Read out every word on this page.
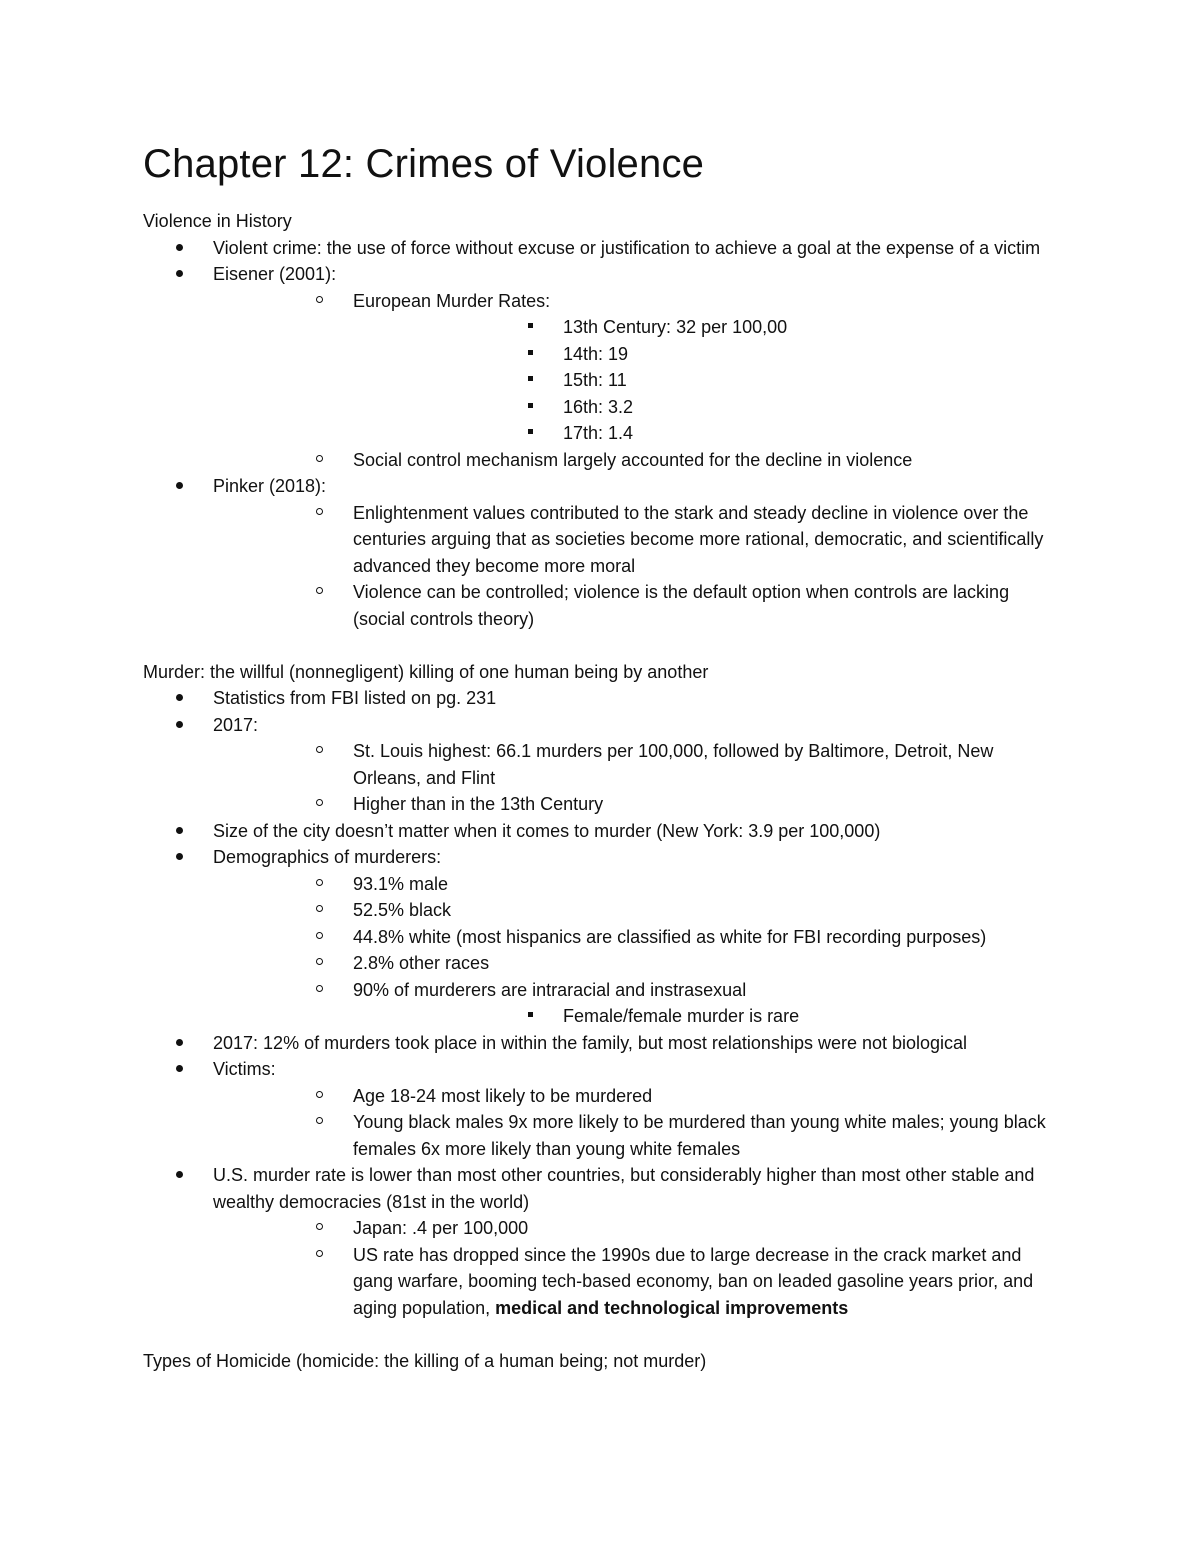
Chapter 12: Crimes of Violence

Violence in History

Violent crime: the use of force without excuse or justification to achieve a goal at the expense of a victim
Eisener (2001):
European Murder Rates:
13th Century: 32 per 100,00
14th: 19
15th: 11
16th: 3.2
17th: 1.4
Social control mechanism largely accounted for the decline in violence
Pinker (2018):
Enlightenment values contributed to the stark and steady decline in violence over the centuries arguing that as societies become more rational, democratic, and scientifically advanced they become more moral
Violence can be controlled; violence is the default option when controls are lacking (social controls theory)

Murder: the willful (nonnegligent) killing of one human being by another

Statistics from FBI listed on pg. 231
2017:
St. Louis highest: 66.1 murders per 100,000, followed by Baltimore, Detroit, New Orleans, and Flint
Higher than in the 13th Century
Size of the city doesn’t matter when it comes to murder (New York: 3.9 per 100,000)
Demographics of murderers:
93.1% male
52.5% black
44.8% white (most hispanics are classified as white for FBI recording purposes)
2.8% other races
90% of murderers are intraracial and instrasexual
Female/female murder is rare
2017: 12% of murders took place in within the family, but most relationships were not biological
Victims:
Age 18-24 most likely to be murdered
Young black males 9x more likely to be murdered than young white males; young black females 6x more likely than young white females
U.S. murder rate is lower than most other countries, but considerably higher than most other stable and wealthy democracies (81st in the world)
Japan: .4 per 100,000
US rate has dropped since the 1990s due to large decrease in the crack market and gang warfare, booming tech-based economy, ban on leaded gasoline years prior, and aging population, medical and technological improvements

Types of Homicide (homicide: the killing of a human being; not murder)
